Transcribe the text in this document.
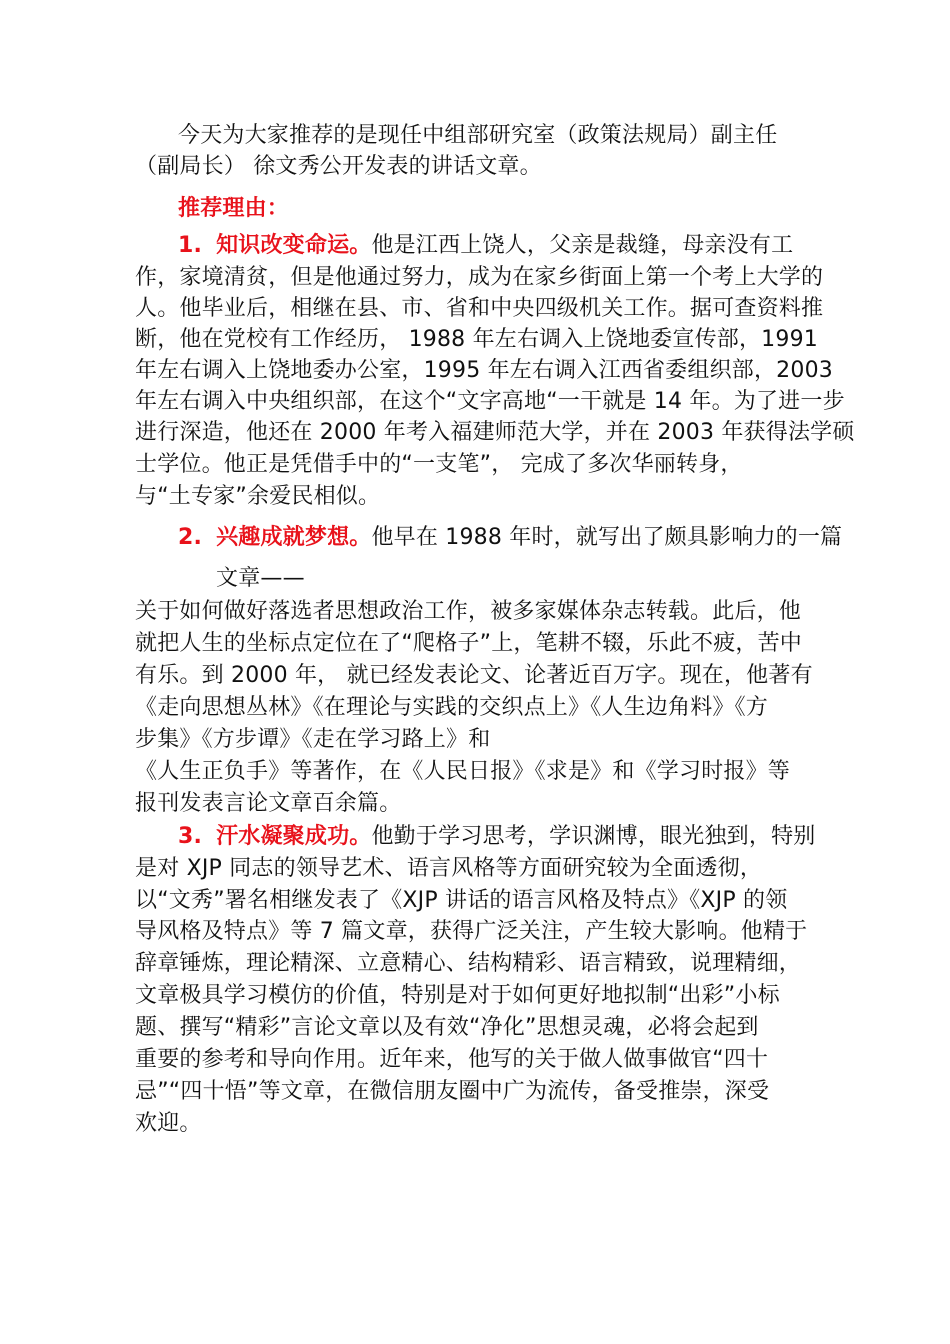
今天为大家推荐的是现任中组部研究室（政策法规局）副主任
（副局长） 徐文秀公开发表的讲话文章。
推荐理由：
1. 知识改变命运。他是江西上饶人，父亲是裁缝，母亲没有工
作，家境清贫，但是他通过努力，成为在家乡街面上第一个考上大学的
人。他毕业后，相继在县、市、省和中央四级机关工作。据可查资料推
断，他在党校有工作经历， 1988 年左右调入上饶地委宣传部，1991
年左右调入上饶地委办公室，1995 年左右调入江西省委组织部，2003
年左右调入中央组织部，在这个“文字高地“一干就是 14 年。为了进一步
进行深造，他还在 2000 年考入福建师范大学，并在 2003 年获得法学硕
士学位。他正是凭借手中的“一支笔”， 完成了多次华丽转身，
与“土专家”余爱民相似。
2. 兴趣成就梦想。他早在 1988 年时，就写出了颇具影响力的一篇
文章——
关于如何做好落选者思想政治工作，被多家媒体杂志转载。此后，他
就把人生的坐标点定位在了“爬格子”上，笔耕不辍，乐此不疲，苦中
有乐。到 2000 年， 就已经发表论文、论著近百万字。现在，他著有
《走向思想丛林》《在理论与实践的交织点上》《人生边角料》《方
步集》《方步谭》《走在学习路上》和
《人生正负手》等著作，在《人民日报》《求是》和《学习时报》等
报刊发表言论文章百余篇。
3. 汗水凝聚成功。他勤于学习思考，学识渊博，眼光独到，特别
是对 XJP 同志的领导艺术、语言风格等方面研究较为全面透彻，
以“文秀”署名相继发表了《XJP 讲话的语言风格及特点》《XJP 的领
导风格及特点》等 7 篇文章，获得广泛关注，产生较大影响。他精于
辞章锤炼，理论精深、立意精心、结构精彩、语言精致，说理精细，
文章极具学习模仿的价值，特别是对于如何更好地拟制“出彩”小标
题、撰写“精彩”言论文章以及有效“净化”思想灵魂，必将会起到
重要的参考和导向作用。近年来，他写的关于做人做事做官“四十
忌”“四十悟”等文章，在微信朋友圈中广为流传，备受推崇，深受
欢迎。
